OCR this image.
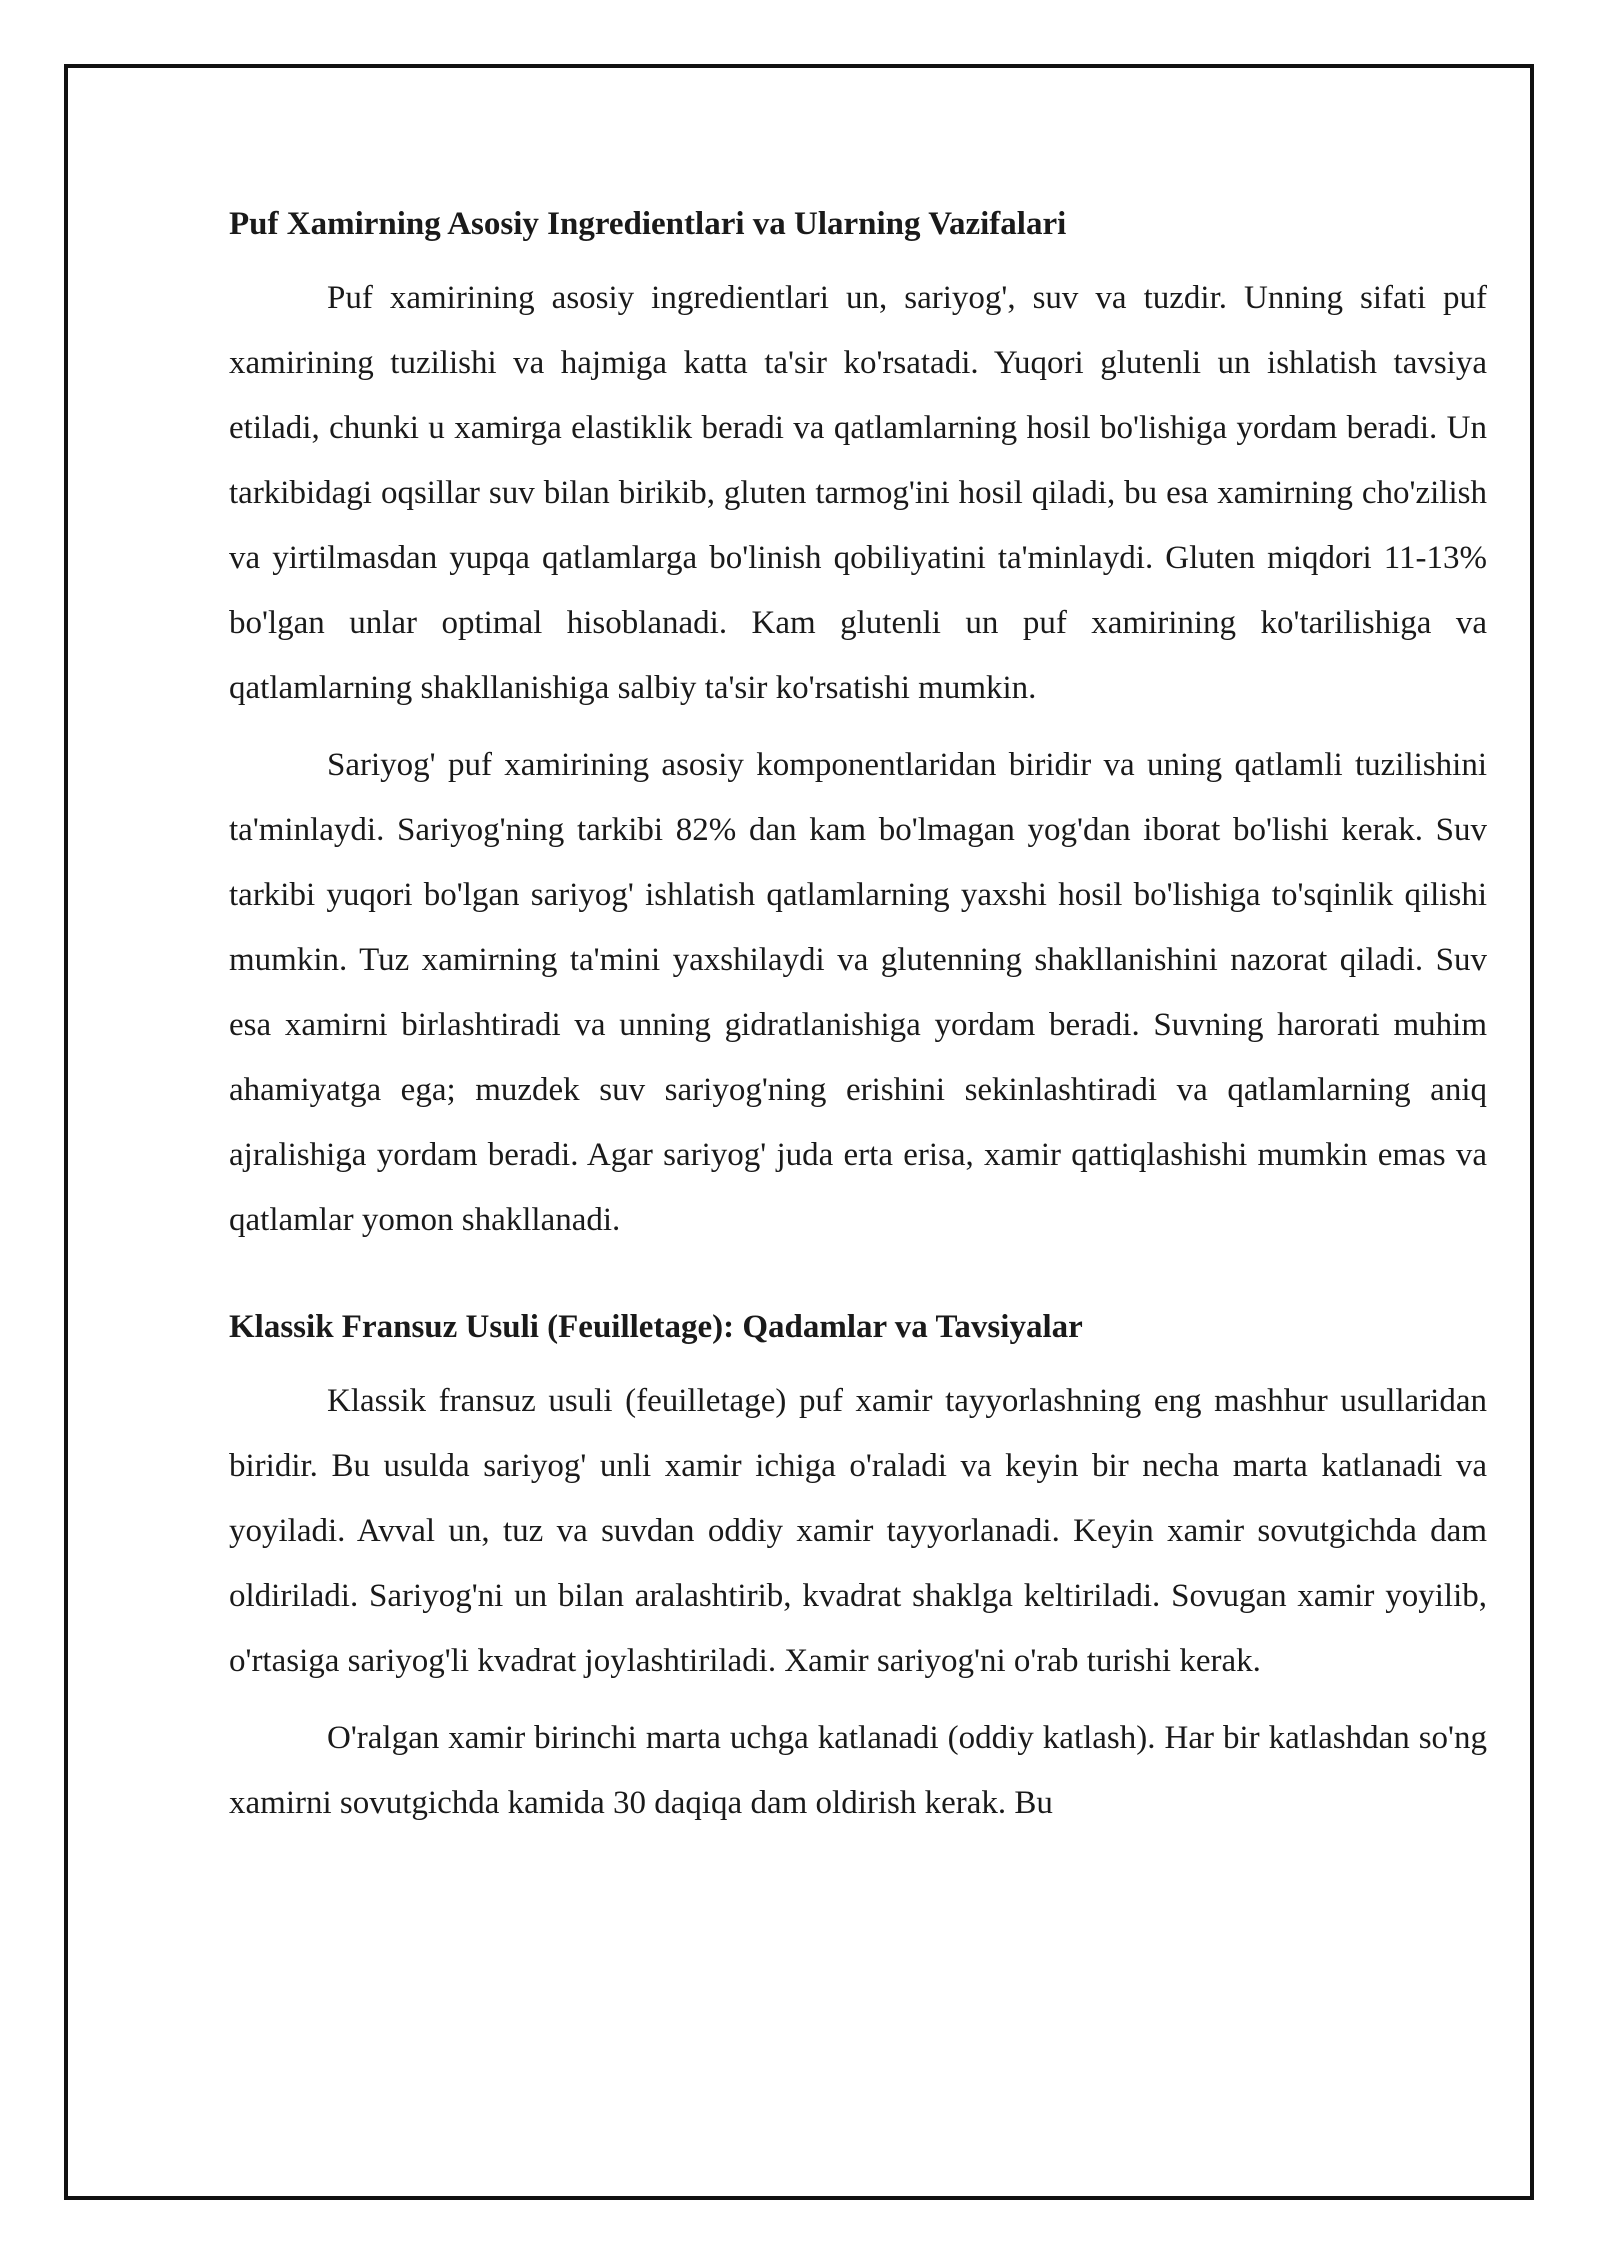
Puf Xamirning Asosiy Ingredientlari va Ularning Vazifalari

Puf xamirining asosiy ingredientlari un, sariyog', suv va tuzdir. Unning sifati puf xamirining tuzilishi va hajmiga katta ta'sir ko'rsatadi. Yuqori glutenli un ishlatish tavsiya etiladi, chunki u xamirga elastiklik beradi va qatlamlarning hosil bo'lishiga yordam beradi. Un tarkibidagi oqsillar suv bilan birikib, gluten tarmog'ini hosil qiladi, bu esa xamirning cho'zilish va yirtilmasdan yupqa qatlamlarga bo'linish qobiliyatini ta'minlaydi. Gluten miqdori 11-13% bo'lgan unlar optimal hisoblanadi. Kam glutenli un puf xamirining ko'tarilishiga va qatlamlarning shakllanishiga salbiy ta'sir ko'rsatishi mumkin.

Sariyog' puf xamirining asosiy komponentlaridan biridir va uning qatlamli tuzilishini ta'minlaydi. Sariyog'ning tarkibi 82% dan kam bo'lmagan yog'dan iborat bo'lishi kerak. Suv tarkibi yuqori bo'lgan sariyog' ishlatish qatlamlarning yaxshi hosil bo'lishiga to'sqinlik qilishi mumkin. Tuz xamirning ta'mini yaxshilaydi va glutenning shakllanishini nazorat qiladi. Suv esa xamirni birlashtiradi va unning gidratlanishiga yordam beradi. Suvning harorati muhim ahamiyatga ega; muzdek suv sariyog'ning erishini sekinlashtiradi va qatlamlarning aniq ajralishiga yordam beradi. Agar sariyog' juda erta erisa, xamir qattiqlashishi mumkin emas va qatlamlar yomon shakllanadi.

Klassik Fransuz Usuli (Feuilletage): Qadamlar va Tavsiyalar

Klassik fransuz usuli (feuilletage) puf xamir tayyorlashning eng mashhur usullaridan biridir. Bu usulda sariyog' unli xamir ichiga o'raladi va keyin bir necha marta katlanadi va yoyiladi. Avval un, tuz va suvdan oddiy xamir tayyorlanadi. Keyin xamir sovutgichda dam oldiriladi. Sariyog'ni un bilan aralashtirib, kvadrat shaklga keltiriladi. Sovugan xamir yoyilib, o'rtasiga sariyog'li kvadrat joylashtiriladi. Xamir sariyog'ni o'rab turishi kerak.

O'ralgan xamir birinchi marta uchga katlanadi (oddiy katlash). Har bir katlashdan so'ng xamirni sovutgichda kamida 30 daqiqa dam oldirish kerak. Bu
